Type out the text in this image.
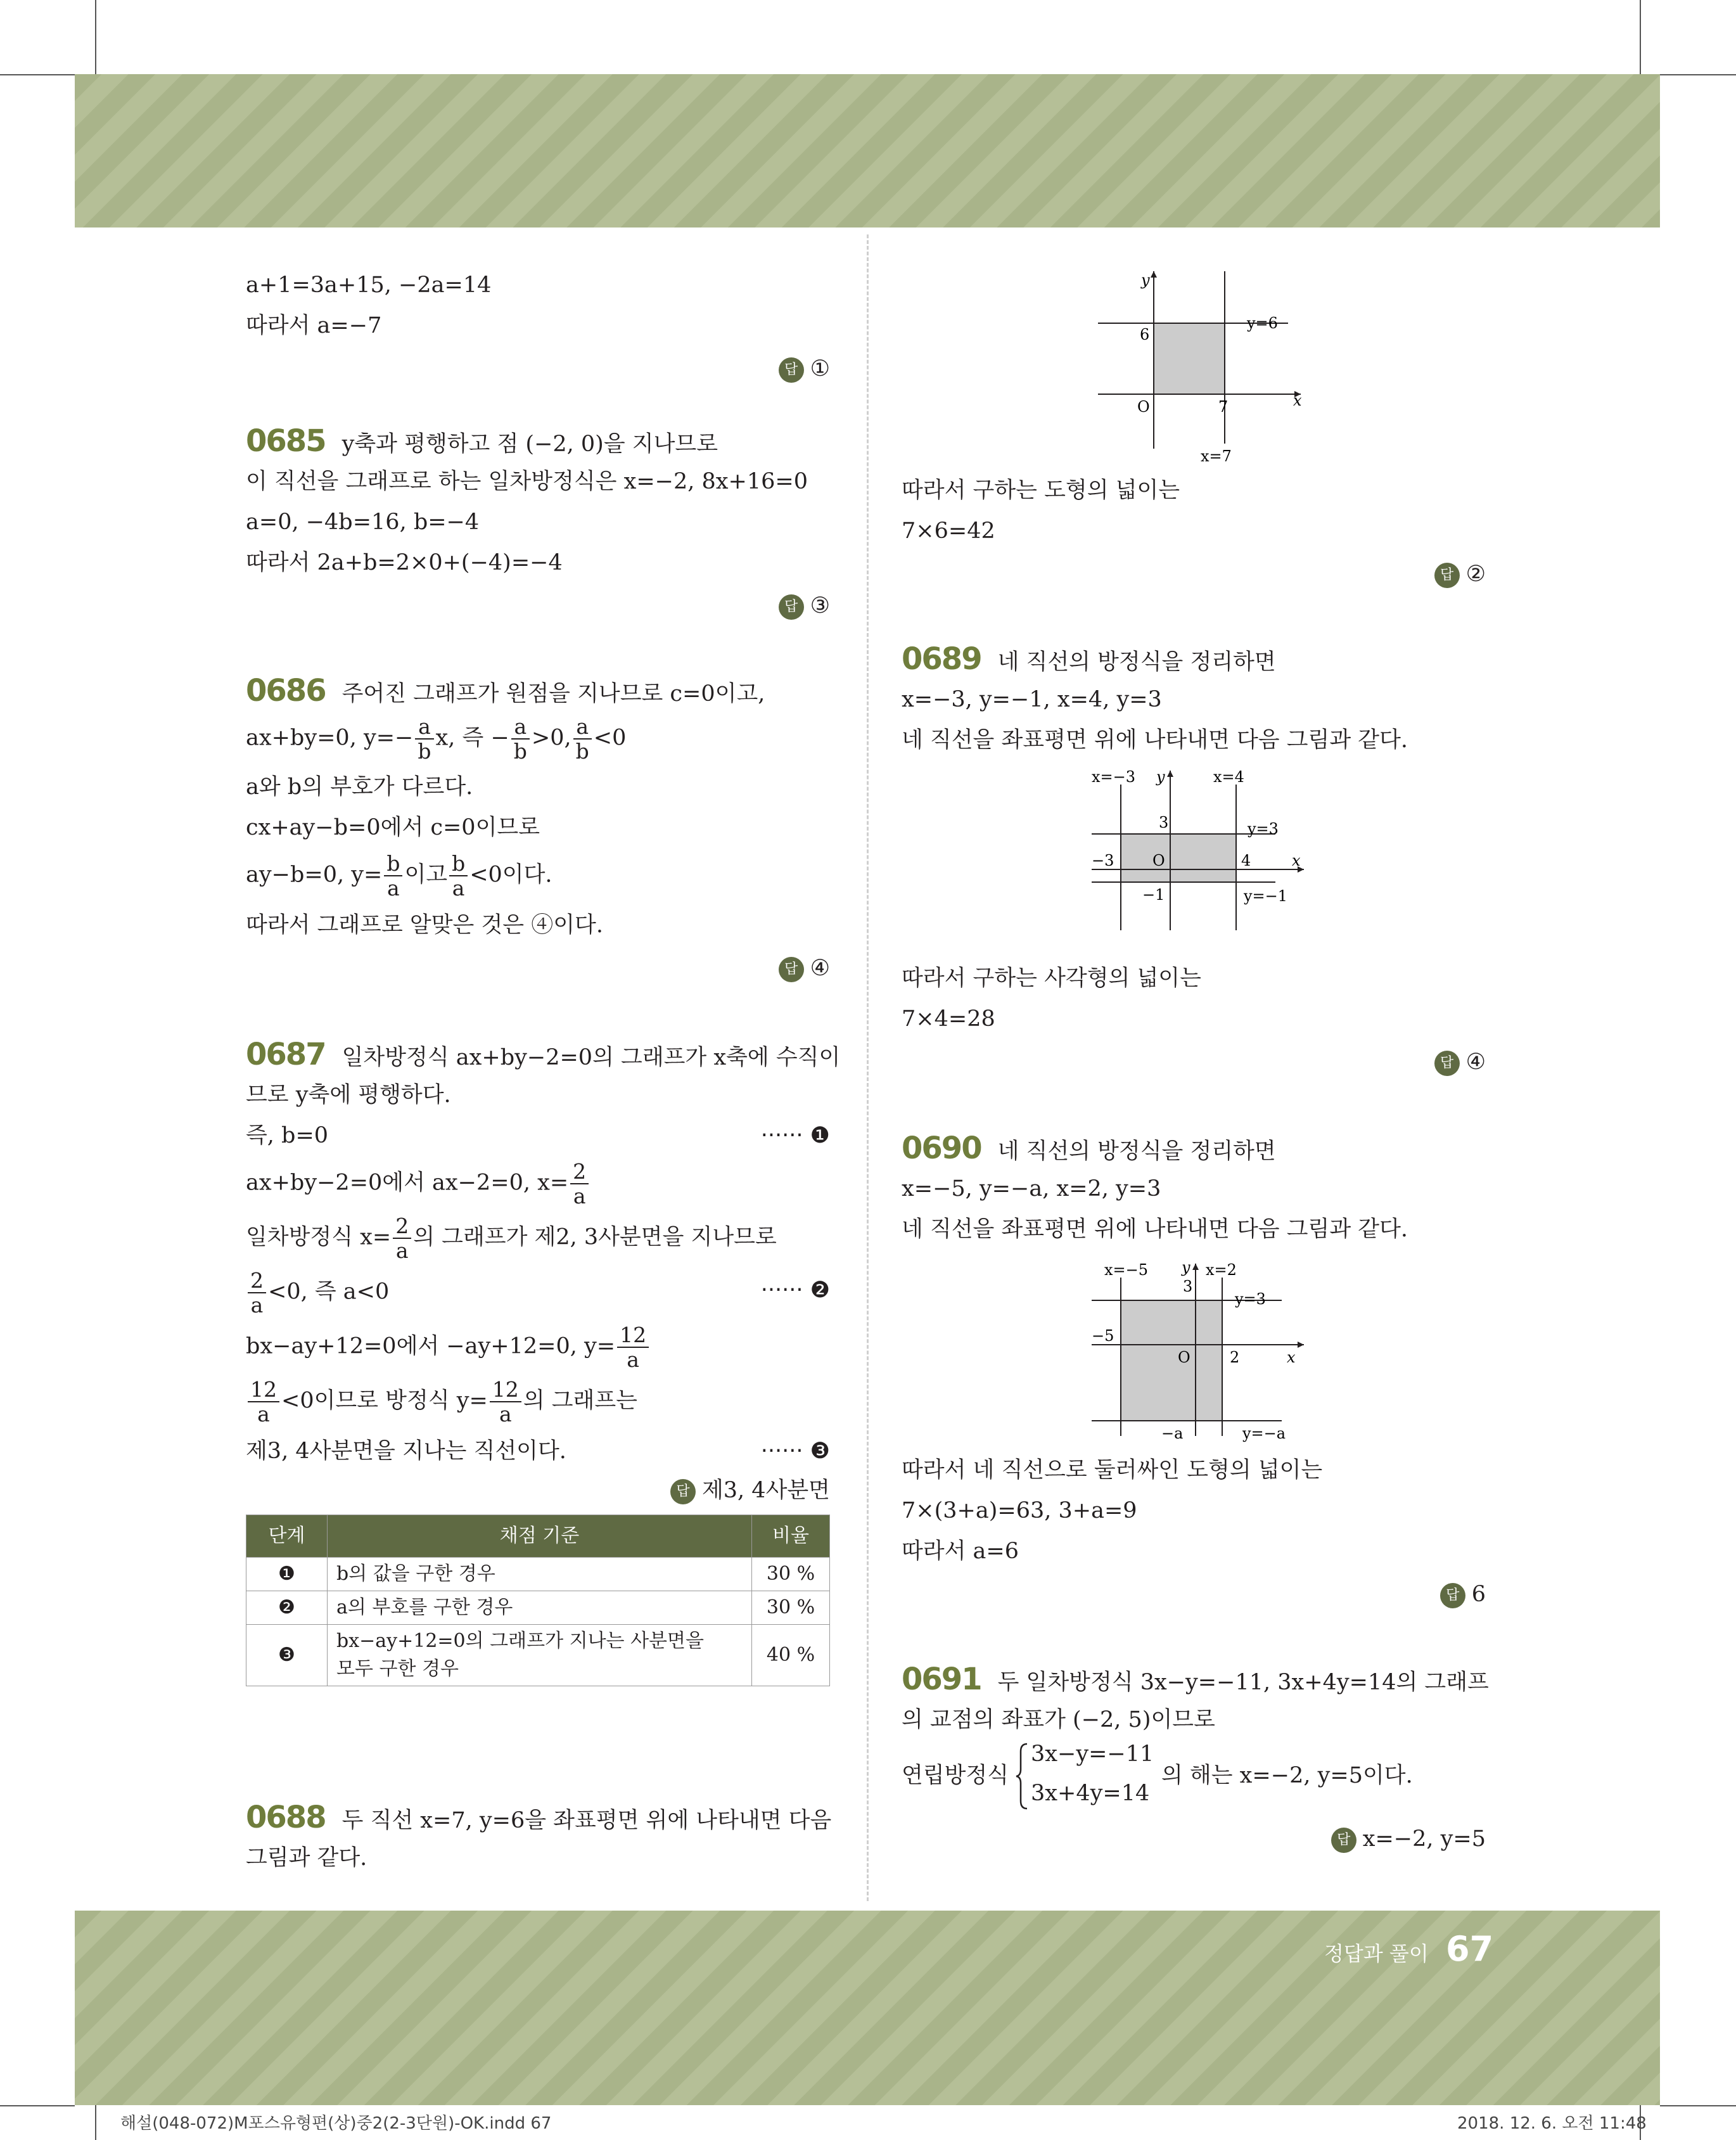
a+1=3a+15, −2a=14
따라서 a=−7
답 ①
0685 y축과 평행하고 점 (−2, 0)을 지나므로
이 직선을 그래프로 하는 일차방정식은 x=−2, 8x+16=0
a=0, −4b=16, b=−4
따라서 2a+b=2×0+(−4)=−4
답 ③
0686 주어진 그래프가 원점을 지나므로 c=0이고,
ax+by=0, $y=- \frac{a}{b} x$, 즉 − $\frac{a}{b} >0$, $\frac{a}{b} <0$
a와 b의 부호가 다르다.
cx+ay−b=0에서 c=0이므로
ay−b=0, $y= \frac{b}{a}$ 이고 $\frac{b}{a} <0$이다.
따라서 그래프로 알맞은 것은 ④이다.
답 ④
0687 일차방정식 ax+by−2=0의 그래프가 x축에 수직이
므로 y축에 평행하다.
즉, b=0	······ ❶
ax+by−2=0에서 ax−2=0, $x= \frac{2}{a}$
일차방정식 $x= \frac{2}{a}$ 의 그래프가 제2, 3사분면을 지나므로
$\frac{2}{a} <0$, 즉 a<0	······ ❷
bx−ay+12=0에서 −ay+12=0, $y= \frac{12}{a}$
$\frac{12}{a} <0$이므로 방정식 $y= \frac{12}{a}$ 의 그래프는
제3, 4사분면을 지나는 직선이다.	······ ❸
답 제3, 4사분면
단계	채점 기준	비율
❶	b의 값을 구한 경우	30 %
❷	a의 부호를 구한 경우	30 %
❸	bx−ay+12=0의 그래프가 지나는 사분면을
모두 구한 경우	40 %
0688 두 직선 x=7, y=6을 좌표평면 위에 나타내면 다음
그림과 같다.
y
x
O
6
7
y=6
x=7
따라서 구하는 도형의 넓이는
7×6=42
답 ②
0689 네 직선의 방정식을 정리하면
x=−3, y=−1, x=4, y=3
네 직선을 좌표평면 위에 나타내면 다음 그림과 같다.
x=−3 y	x=4
3	y=3
−3	O	4	x
−1	y=−1
따라서 구하는 사각형의 넓이는
7×4=28
답 ④
0690 네 직선의 방정식을 정리하면
x=−5, y=−a, x=2, y=3
네 직선을 좌표평면 위에 나타내면 다음 그림과 같다.
x=−5 y x=2
3
y=3
−5
O	2	x
−a	y=−a
따라서 네 직선으로 둘러싸인 도형의 넓이는
7×(3+a)=63, 3+a=9
따라서 a=6
답 6
0691 두 일차방정식 3x−y=−11, 3x+4y=14의 그래프
의 교점의 좌표가 (−2, 5)이므로
연립방정식
3x−y=−11
3x+4y=14
의 해는 x=−2, y=5이다.
답 x=−2, y=5
정답과 풀이 67
해설(048-072)M포스유형편(상)중2(2-3단원)-OK.indd 67	2018. 12. 6. 오전 11:48
